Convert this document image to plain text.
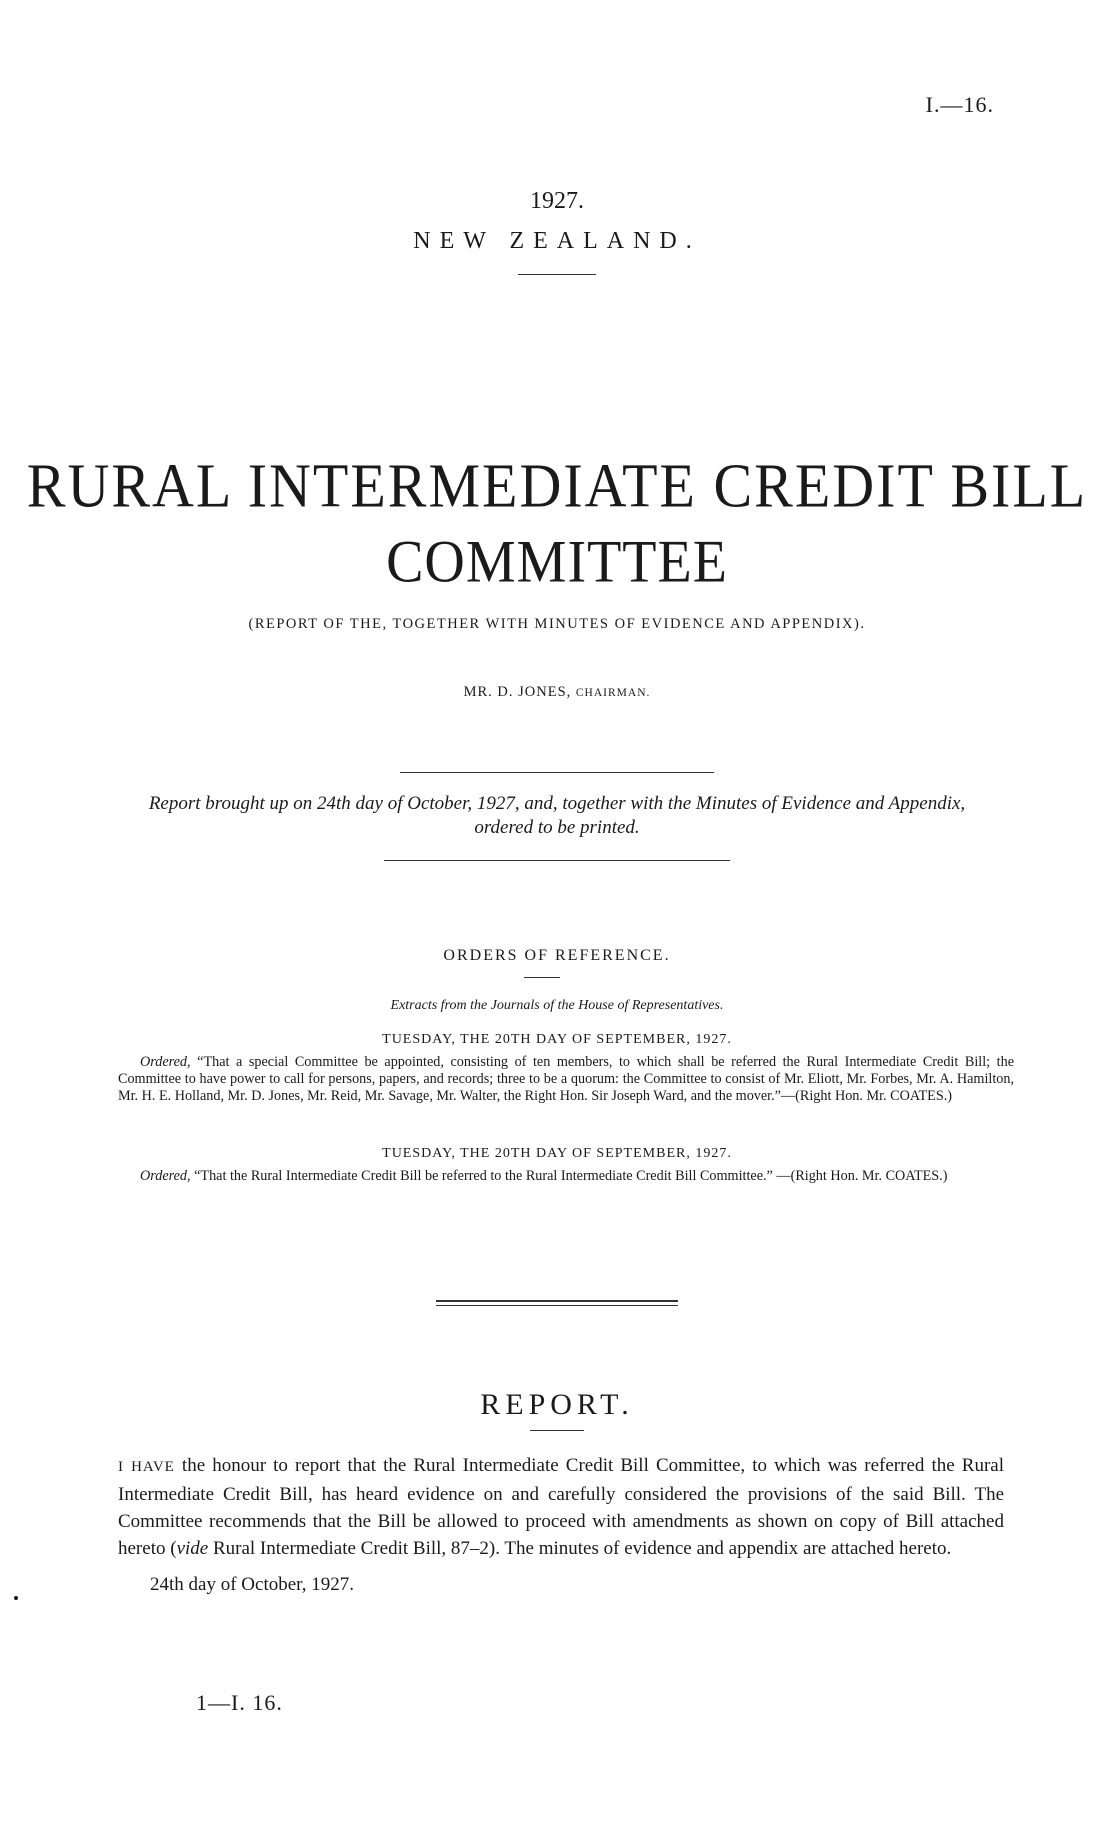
I.—16.
1927.
NEW ZEALAND.
RURAL INTERMEDIATE CREDIT BILL
COMMITTEE
(REPORT OF THE, TOGETHER WITH MINUTES OF EVIDENCE AND APPENDIX).
MR. D. JONES, CHAIRMAN.
Report brought up on 24th day of October, 1927, and, together with the Minutes of Evidence and Appendix, ordered to be printed.
ORDERS OF REFERENCE.
Extracts from the Journals of the House of Representatives.
TUESDAY, THE 20TH DAY OF SEPTEMBER, 1927.
Ordered, “That a special Committee be appointed, consisting of ten members, to which shall be referred the Rural Intermediate Credit Bill; the Committee to have power to call for persons, papers, and records; three to be a quorum: the Committee to consist of Mr. Eliott, Mr. Forbes, Mr. A. Hamilton, Mr. H. E. Holland, Mr. D. Jones, Mr. Reid, Mr. Savage, Mr. Walter, the Right Hon. Sir Joseph Ward, and the mover.”—(Right Hon. Mr. COATES.)
TUESDAY, THE 20TH DAY OF SEPTEMBER, 1927.
Ordered, “That the Rural Intermediate Credit Bill be referred to the Rural Intermediate Credit Bill Committee.” —(Right Hon. Mr. COATES.)
REPORT.
I HAVE the honour to report that the Rural Intermediate Credit Bill Committee, to which was referred the Rural Intermediate Credit Bill, has heard evidence on and carefully considered the provisions of the said Bill. The Committee recommends that the Bill be allowed to proceed with amendments as shown on copy of Bill attached hereto (vide Rural Intermediate Credit Bill, 87–2). The minutes of evidence and appendix are attached hereto.
24th day of October, 1927.
1—I. 16.
